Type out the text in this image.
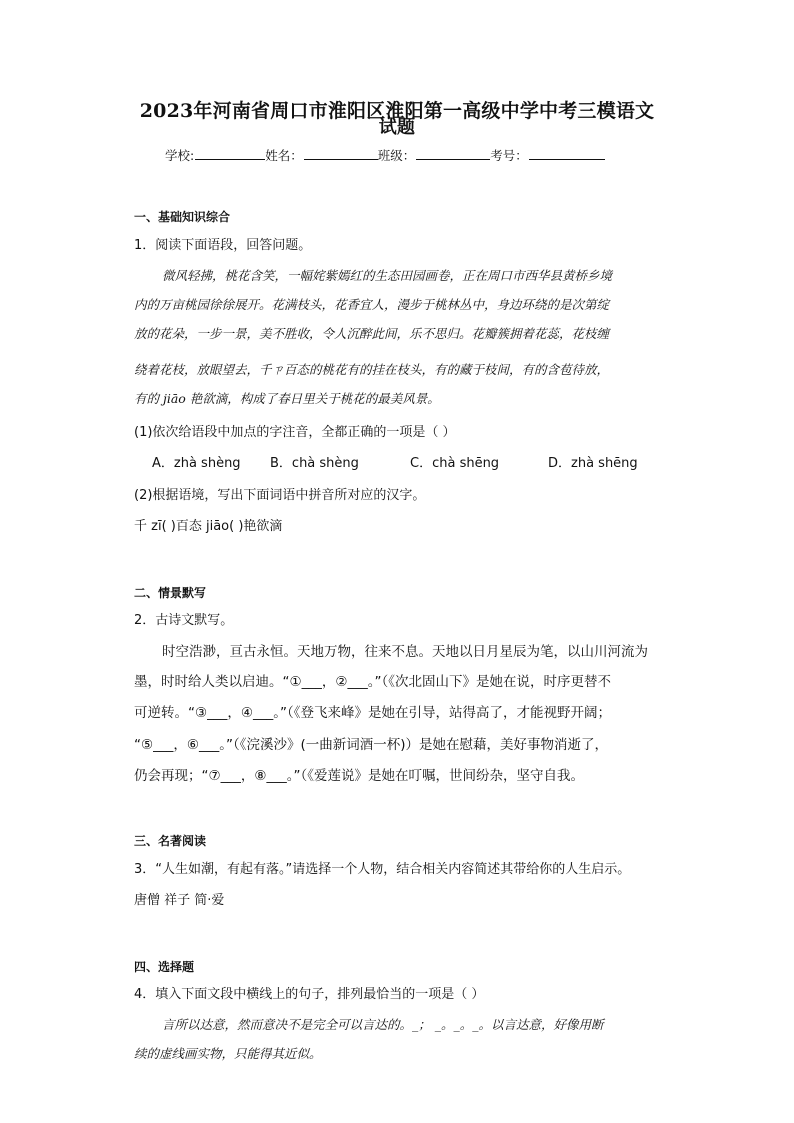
2023年河南省周口市淮阳区淮阳第一高级中学中考三模语文
试题
学校:	姓名：	班级：	考号：
一、基础知识综合
1．阅读下面语段，回答问题。
微风轻拂，桃花含笑，一幅姹紫嫣红的生态田园画卷，正在周口市西华县黄桥乡境
内的万亩桃园徐徐展开。花满枝头，花香宜人，漫步于桃林丛中，身边环绕的是次第绽
放的花朵，一步一景，美不胜收，令人沉醉此间，乐不思归。花瓣簇拥着花蕊，花枝缠
绕着花枝，放眼望去，千ㄗ百态的桃花有的挂在枝头，有的藏于枝间，有的含苞待放，
有的 jiāo 艳欲滴，构成了春日里关于桃花的最美风景。
(1)依次给语段中加点的字注音，全都正确的一项是（ ）
A．zhà shèng B．chà shèng	C．chà shēng	D．zhà shēng
(2)根据语境，写出下面词语中拼音所对应的汉字。
千 zī( )百态 jiāo( )艳欲滴
二、情景默写
2．古诗文默写。
时空浩渺，亘古永恒。天地万物，往来不息。天地以日月星辰为笔，以山川河流为
墨，时时给人类以启迪。“①___，②___。”（《次北固山下》是她在说，时序更替不
可逆转。“③___，④___。”（《登飞来峰》是她在引导，站得高了，才能视野开阔；
“⑤___，⑥___。”（《浣溪沙》(一曲新词酒一杯)）是她在慰藉，美好事物消逝了，
仍会再现；“⑦___，⑧___。”（《爱莲说》是她在叮嘱，世间纷杂，坚守自我。
三、名著阅读
3．“人生如潮，有起有落。”请选择一个人物，结合相关内容简述其带给你的人生启示。
唐僧 祥子 简·爱
四、选择题
4．填入下面文段中横线上的句子，排列最恰当的一项是（ ）
言所以达意，然而意决不是完全可以言达的。_； _。_。_。以言达意，好像用断
续的虚线画实物，只能得其近似。
